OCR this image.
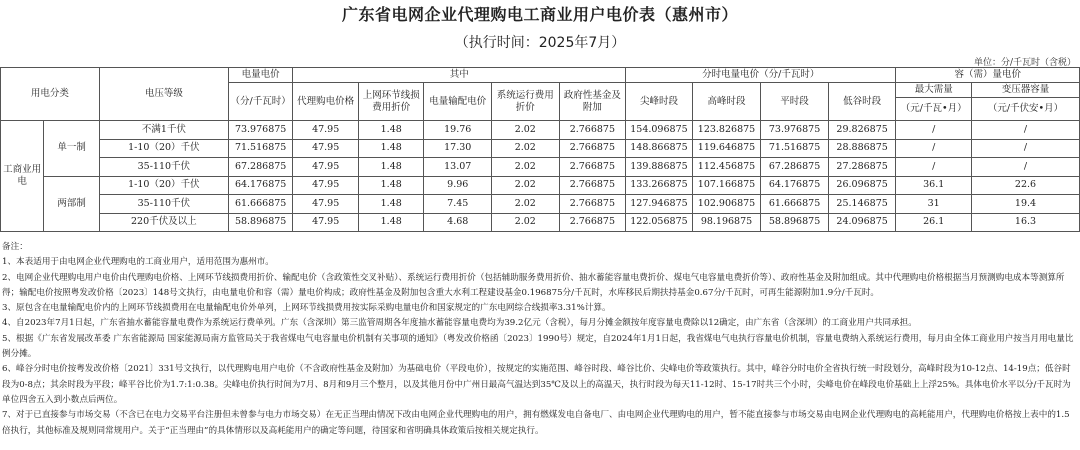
广东省电网企业代理购电工商业用户电价表（惠州市）
（执行时间：2025年7月）
单位：分/千瓦时（含税）
用电分类		电压等级	电量电价	其中					分时电量电价（分/千瓦时）				容（需）量电价	
			（分/千瓦时）	代理购电价格	上网环节线损费用折价	电量输配电价	系统运行费用折价	政府性基金及附加	尖峰时段	高峰时段	平时段	低谷时段	最大需量	变压器容量
													（元/千瓦•月）	（元/千伏安•月）
工商业用电	单一制	不满1千伏	73.976875	47.95	1.48	19.76	2.02	2.766875	154.096875	123.826875	73.976875	29.826875	/	/
		1-10（20）千伏	71.516875	47.95	1.48	17.30	2.02	2.766875	148.866875	119.646875	71.516875	28.886875	/	/
		35-110千伏	67.286875	47.95	1.48	13.07	2.02	2.766875	139.886875	112.456875	67.286875	27.286875	/	/
	两部制	1-10（20）千伏	64.176875	47.95	1.48	9.96	2.02	2.766875	133.266875	107.166875	64.176875	26.096875	36.1	22.6
		35-110千伏	61.666875	47.95	1.48	7.45	2.02	2.766875	127.946875	102.906875	61.666875	25.146875	31	19.4
		220千伏及以上	58.896875	47.95	1.48	4.68	2.02	2.766875	122.056875	98.196875	58.896875	24.096875	26.1	16.3

备注：

1、本表适用于由电网企业代理购电的工商业用户，适用范围为惠州市。

2、电网企业代理购电用户电价由代理购电价格、上网环节线损费用折价、输配电价（含政策性交叉补贴）、系统运行费用折价（包括辅助服务费用折价、抽水蓄能容量电费折价、煤电气电容量电费折价等）、政府性基金及附加组成。其中代理购电价格根据当月预测购电成本等测算所得；输配电价按照粤发改价格〔2023〕148号文执行，由电量电价和容（需）量电价构成；政府性基金及附加包含重大水利工程建设基金0.196875分/千瓦时，水库移民后期扶持基金0.67分/千瓦时，可再生能源附加1.9分/千瓦时。

3、原包含在电量输配电价内的上网环节线损费用在电量输配电价外单列，上网环节线损费用按实际采购电量电价和国家规定的广东电网综合线损率3.31%计算。

4、自2023年7月1日起，广东省抽水蓄能容量电费作为系统运行费单列。广东（含深圳）第三监管周期各年度抽水蓄能容量电费均为39.2亿元（含税），每月分摊金额按年度容量电费除以12确定，由广东省（含深圳）的工商业用户共同承担。

5、根据《广东省发展改革委 广东省能源局 国家能源局南方监管局关于我省煤电气电容量电价机制有关事项的通知》（粤发改价格函〔2023〕1990号）规定，自2024年1月1日起，我省煤电气电执行容量电价机制，容量电费纳入系统运行费用，每月由全体工商业用户按当月用电量比例分摊。

6、峰谷分时电价按粤发改价格〔2021〕331号文执行，以代理购电用户电价（不含政府性基金及附加）为基础电价（平段电价），按规定的实施范围、峰谷时段、峰谷比价、尖峰电价等政策执行。其中，峰谷分时电价全省执行统一时段划分，高峰时段为10-12点、14-19点；低谷时段为0-8点；其余时段为平段；峰平谷比价为1.7:1:0.38。尖峰电价执行时间为7月、8月和9月三个整月，以及其他月份中广州日最高气温达到35℃及以上的高温天，执行时段为每天11-12时、15-17时共三个小时，尖峰电价在峰段电价基础上上浮25%。具体电价水平以分/千瓦时为单位四舍五入到小数点后两位。

7、对于已直接参与市场交易（不含已在电力交易平台注册但未曾参与电力市场交易）在无正当理由情况下改由电网企业代理购电的用户，拥有燃煤发电自备电厂、由电网企业代理购电的用户，暂不能直接参与市场交易由电网企业代理购电的高耗能用户，代理购电价格按上表中的1.5倍执行，其他标准及规则同常规用户。关于“正当理由”的具体情形以及高耗能用户的确定等问题，待国家和省明确具体政策后按相关规定执行。
